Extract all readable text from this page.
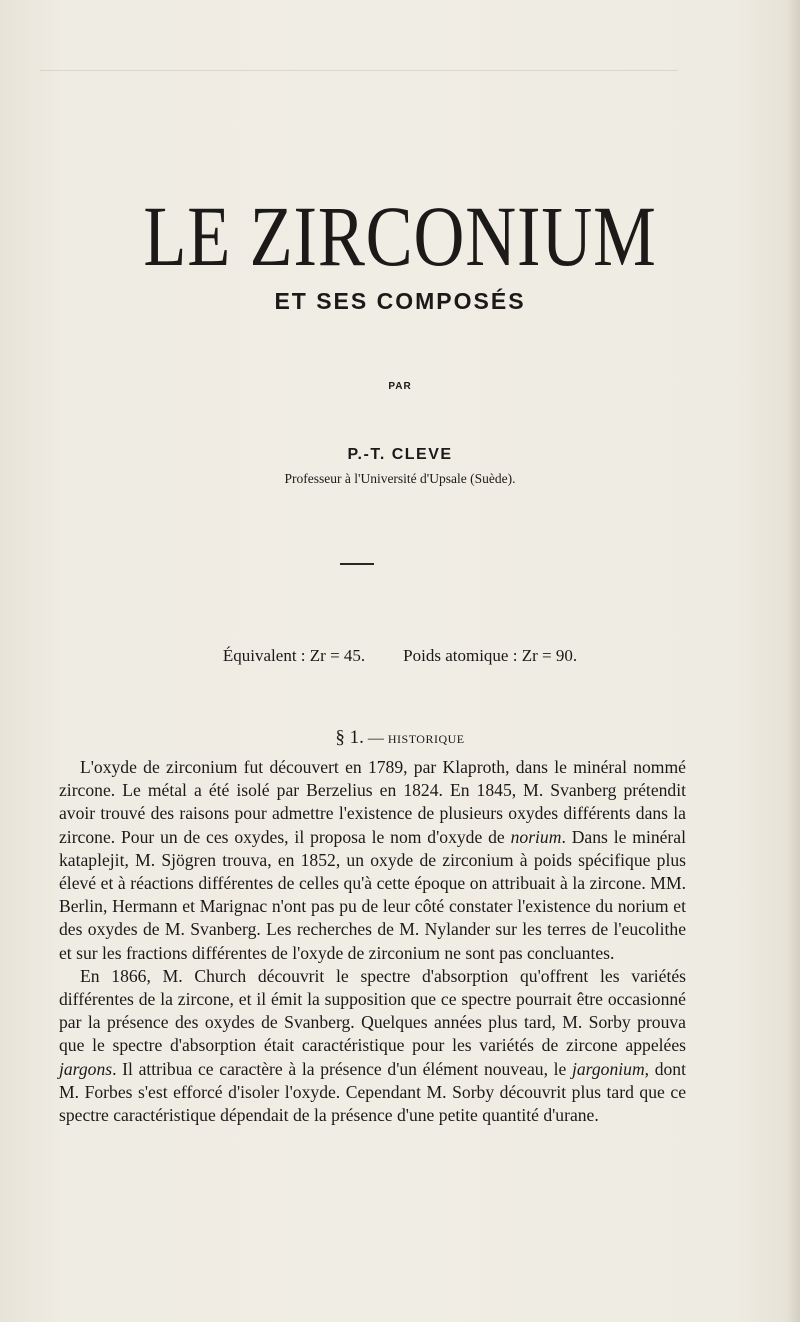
────────────────────────────────────────────────────────────
LE ZIRCONIUM
ET SES COMPOSÉS
PAR
P.-T. CLEVE
Professeur à l'Université d'Upsale (Suède).
Équivalent : Zr = 45. Poids atomique : Zr = 90.
§ 1. — HISTORIQUE

L'oxyde de zirconium fut découvert en 1789, par Klaproth, dans le minéral nommé zircone. Le métal a été isolé par Berzelius en 1824. En 1845, M. Svanberg prétendit avoir trouvé des raisons pour admettre l'existence de plusieurs oxydes différents dans la zircone. Pour un de ces oxydes, il proposa le nom d'oxyde de norium. Dans le minéral kataplejit, M. Sjögren trouva, en 1852, un oxyde de zirconium à poids spécifique plus élevé et à réactions différentes de celles qu'à cette époque on attribuait à la zircone. MM. Berlin, Hermann et Marignac n'ont pas pu de leur côté constater l'existence du norium et des oxydes de M. Svanberg. Les recherches de M. Nylander sur les terres de l'eucolithe et sur les fractions différentes de l'oxyde de zirconium ne sont pas concluantes.

En 1866, M. Church découvrit le spectre d'absorption qu'offrent les variétés différentes de la zircone, et il émit la supposition que ce spectre pourrait être occasionné par la présence des oxydes de Svanberg. Quelques années plus tard, M. Sorby prouva que le spectre d'absorption était caractéristique pour les variétés de zircone appelées jargons. Il attribua ce caractère à la présence d'un élément nouveau, le jargonium, dont M. Forbes s'est efforcé d'isoler l'oxyde. Cependant M. Sorby découvrit plus tard que ce spectre caractéristique dépendait de la présence d'une petite quantité d'urane.
